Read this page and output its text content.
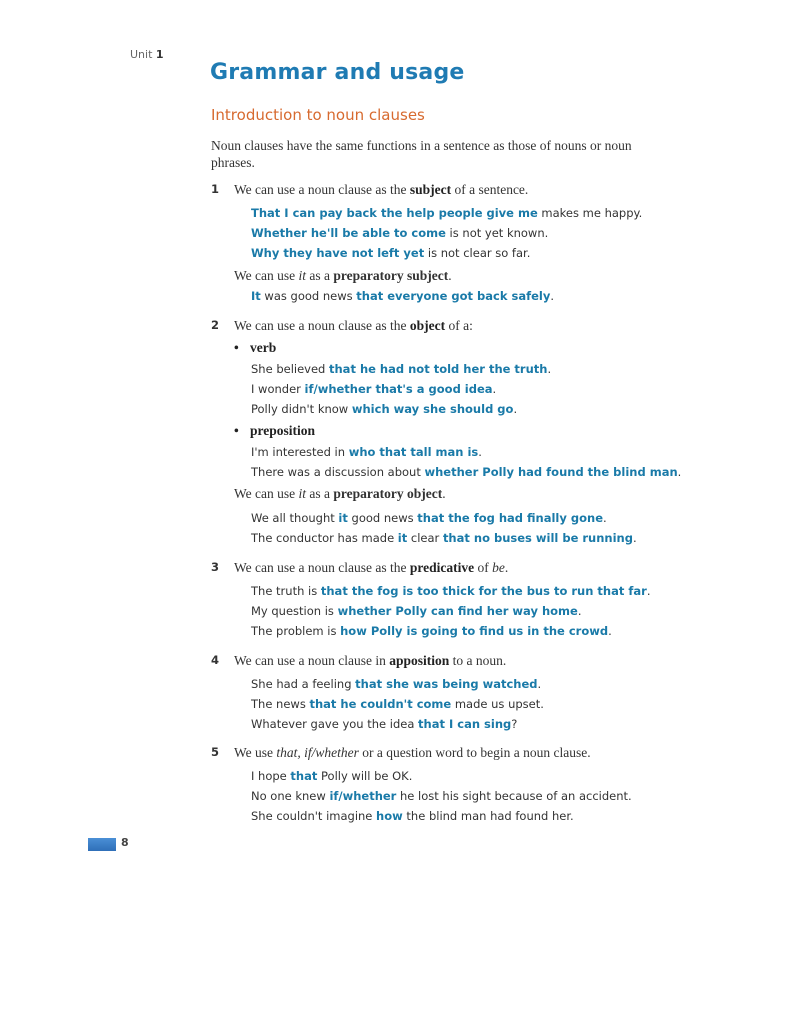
Unit 1
Grammar and usage
Introduction to noun clauses

Noun clauses have the same functions in a sentence as those of nouns or noun phrases.

1 We can use a noun clause as the subject of a sentence.
That I can pay back the help people give me makes me happy.
Whether he'll be able to come is not yet known.
Why they have not left yet is not clear so far.
We can use it as a preparatory subject.
It was good news that everyone got back safely.
2 We can use a noun clause as the object of a:
• verb
She believed that he had not told her the truth.
I wonder if/whether that's a good idea.
Polly didn't know which way she should go.
• preposition
I'm interested in who that tall man is.
There was a discussion about whether Polly had found the blind man.
We can use it as a preparatory object.
We all thought it good news that the fog had finally gone.
The conductor has made it clear that no buses will be running.
3 We can use a noun clause as the predicative of be.
The truth is that the fog is too thick for the bus to run that far.
My question is whether Polly can find her way home.
The problem is how Polly is going to find us in the crowd.
4 We can use a noun clause in apposition to a noun.
She had a feeling that she was being watched.
The news that he couldn't come made us upset.
Whatever gave you the idea that I can sing?
5 We use that, if/whether or a question word to begin a noun clause.
I hope that Polly will be OK.
No one knew if/whether he lost his sight because of an accident.
She couldn't imagine how the blind man had found her.
8
